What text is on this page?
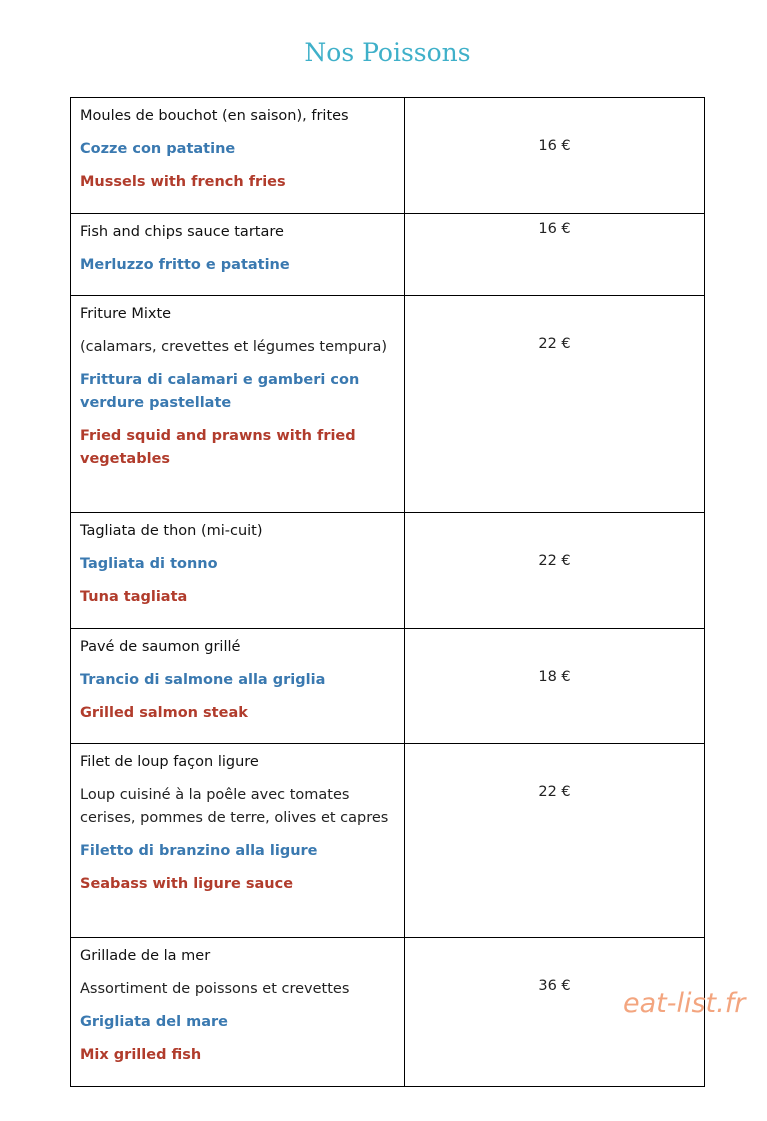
Nos Poissons
Moules de bouchot (en saison), frites
Cozze con patatine
Mussels with french fries	16 €

Fish and chips sauce tartare
Merluzzo fritto e patatine	16 €

Friture Mixte
(calamars, crevettes et légumes tempura)
Frittura di calamari e gamberi con verdure pastellate
Fried squid and prawns with fried vegetables	22 €

Tagliata de thon (mi-cuit)
Tagliata di tonno
Tuna tagliata	22 €

Pavé de saumon grillé
Trancio di salmone alla griglia
Grilled salmon steak	18 €

Filet de loup façon ligure
Loup cuisiné à la poêle avec tomates cerises, pommes de terre, olives et capres
Filetto di branzino alla ligure
Seabass with ligure sauce	22 €

Grillade de la mer
Assortiment de poissons et crevettes
Grigliata del mare
Mix grilled fish	36 €
eat-list.fr
